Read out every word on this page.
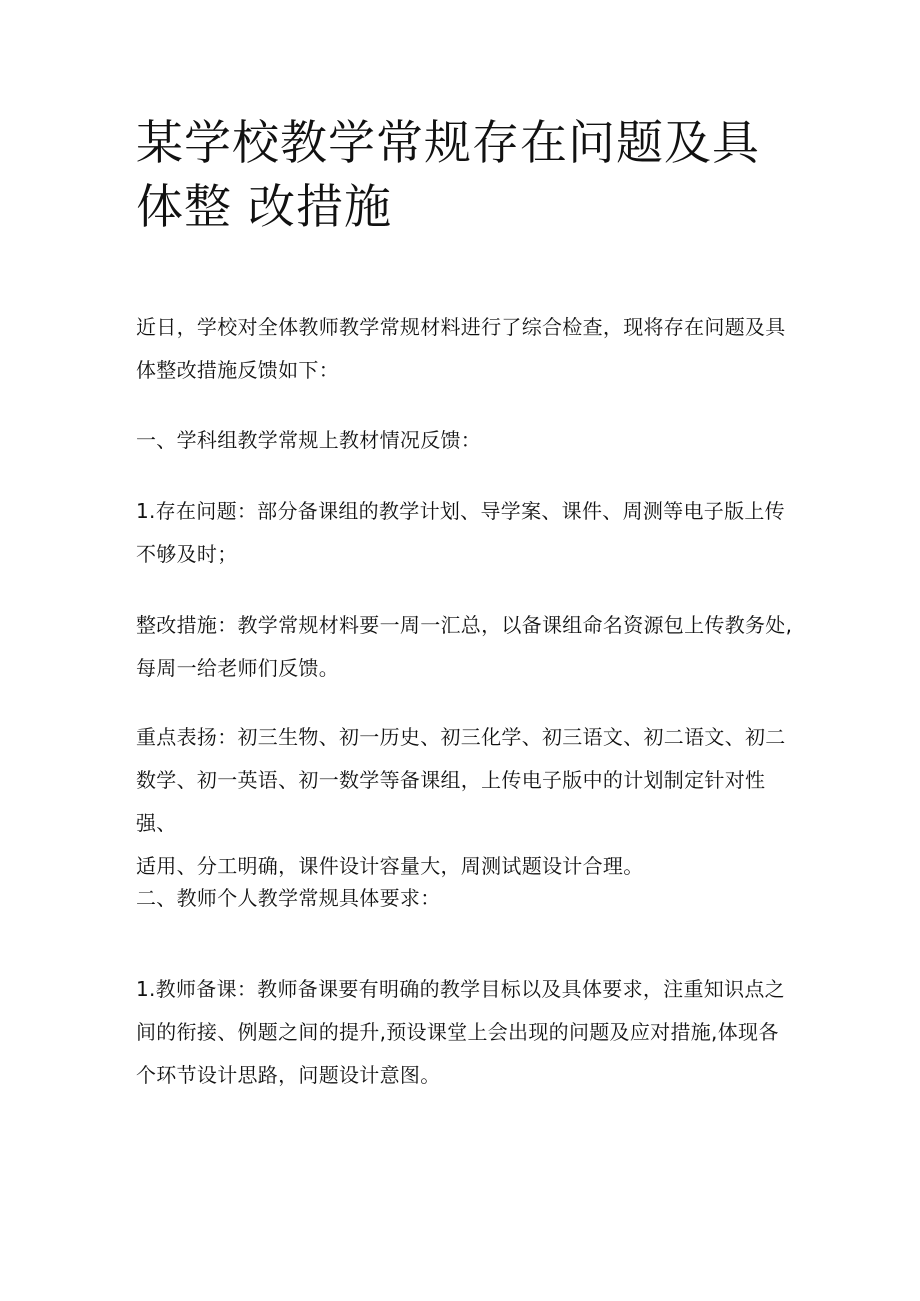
某学校教学常规存在问题及具体整 改措施

近日，学校对全体教师教学常规材料进行了综合检查，现将存在问题及具
体整改措施反馈如下：

一、学科组教学常规上教材情况反馈：

1.存在问题：部分备课组的教学计划、导学案、课件、周测等电子版上传
不够及时；

整改措施：教学常规材料要一周一汇总，以备课组命名资源包上传教务处,
每周一给老师们反馈。

重点表扬：初三生物、初一历史、初三化学、初三语文、初二语文、初二
数学、初一英语、初一数学等备课组，上传电子版中的计划制定针对性强、
适用、分工明确，课件设计容量大，周测试题设计合理。

二、教师个人教学常规具体要求：

1.教师备课：教师备课要有明确的教学目标以及具体要求，注重知识点之
间的衔接、例题之间的提升,预设课堂上会出现的问题及应对措施,体现各
个环节设计思路，问题设计意图。
